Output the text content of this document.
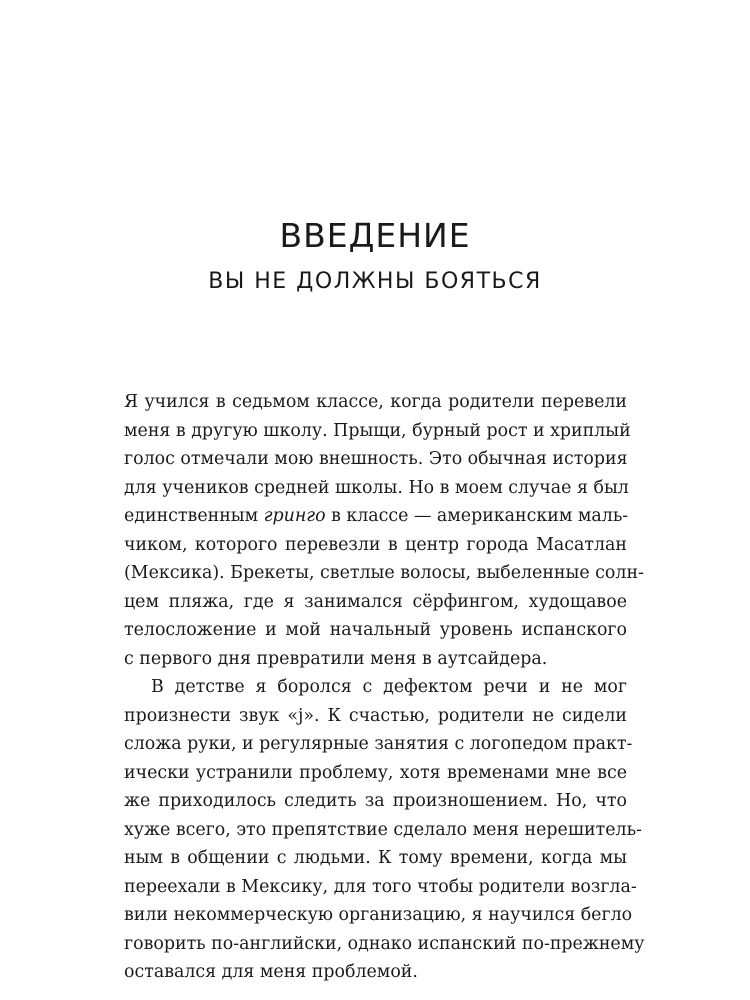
ВВЕДЕНИЕ
ВЫ НЕ ДОЛЖНЫ БОЯТЬСЯ

Я учился в седьмом классе, когда родители перевели
меня в другую школу. Прыщи, бурный рост и хриплый
голос отмечали мою внешность. Это обычная история
для учеников средней школы. Но в моем случае я был
единственным гринго в классе — американским маль-
чиком, которого перевезли в центр города Масатлан
(Мексика). Брекеты, светлые волосы, выбеленные солн-
цем пляжа, где я занимался сёрфингом, худощавое
телосложение и мой начальный уровень испанского
с первого дня превратили меня в аутсайдера.

В детстве я боролся с дефектом речи и не мог
произнести звук «j». К счастью, родители не сидели
сложа руки, и регулярные занятия с логопедом практ-
ически устранили проблему, хотя временами мне все
же приходилось следить за произношением. Но, что
хуже всего, это препятствие сделало меня нерешитель-
ным в общении с людьми. К тому времени, когда мы
переехали в Мексику, для того чтобы родители возгла-
вили некоммерческую организацию, я научился бегло
говорить по-английски, однако испанский по-прежнему
оставался для меня проблемой.
